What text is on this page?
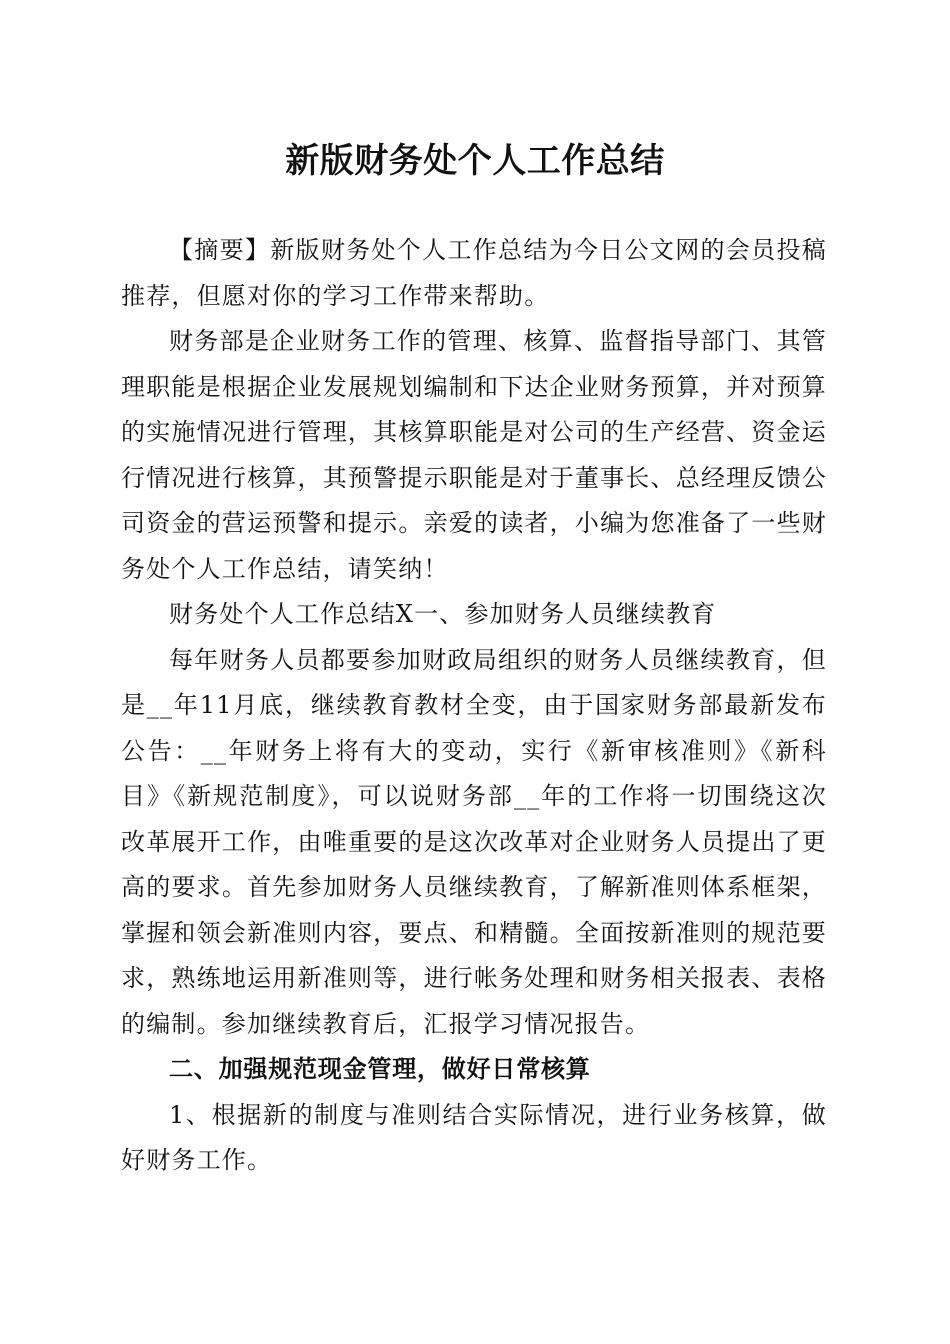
新版财务处个人工作总结

【摘要】新版财务处个人工作总结为今日公文网的会员投稿推荐，但愿对你的学习工作带来帮助。

财务部是企业财务工作的管理、核算、监督指导部门、其管理职能是根据企业发展规划编制和下达企业财务预算，并对预算的实施情况进行管理，其核算职能是对公司的生产经营、资金运行情况进行核算，其预警提示职能是对于董事长、总经理反馈公司资金的营运预警和提示。亲爱的读者，小编为您准备了一些财务处个人工作总结，请笑纳！

财务处个人工作总结X一、参加财务人员继续教育

每年财务人员都要参加财政局组织的财务人员继续教育，但是__年11月底，继续教育教材全变，由于国家财务部最新发布公告：__年财务上将有大的变动，实行《新审核准则》《新科目》《新规范制度》，可以说财务部__年的工作将一切围绕这次改革展开工作，由唯重要的是这次改革对企业财务人员提出了更高的要求。首先参加财务人员继续教育，了解新准则体系框架，掌握和领会新准则内容，要点、和精髓。全面按新准则的规范要求，熟练地运用新准则等，进行帐务处理和财务相关报表、表格的编制。参加继续教育后，汇报学习情况报告。

二、加强规范现金管理，做好日常核算

1、根据新的制度与准则结合实际情况，进行业务核算，做好财务工作。
